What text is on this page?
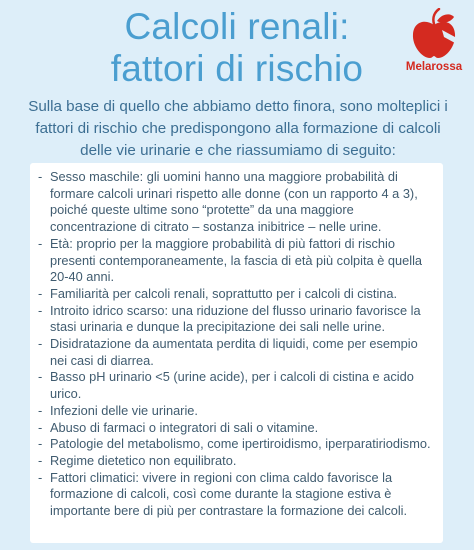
Calcoli renali:
fattori di rischio	Melarossa
Sulla base di quello che abbiamo detto finora, sono molteplici i fattori di rischio che predispongono alla formazione di calcoli delle vie urinarie e che riassumiamo di seguito:
- Sesso maschile: gli uomini hanno una maggiore probabilità di formare calcoli urinari rispetto alle donne (con un rapporto 4 a 3), poiché queste ultime sono “protette” da una maggiore concentrazione di citrato – sostanza inibitrice – nelle urine.
- Età: proprio per la maggiore probabilità di più fattori di rischio presenti contemporaneamente, la fascia di età più colpita è quella 20-40 anni.
- Familiarità per calcoli renali, soprattutto per i calcoli di cistina.
- Introito idrico scarso: una riduzione del flusso urinario favorisce la stasi urinaria e dunque la precipitazione dei sali nelle urine.
- Disidratazione da aumentata perdita di liquidi, come per esempio nei casi di diarrea.
- Basso pH urinario <5 (urine acide), per i calcoli di cistina e acido urico.
- Infezioni delle vie urinarie.
- Abuso di farmaci o integratori di sali o vitamine.
- Patologie del metabolismo, come ipertiroidismo, iperparatiriodismo.
- Regime dietetico non equilibrato.
- Fattori climatici: vivere in regioni con clima caldo favorisce la formazione di calcoli, così come durante la stagione estiva è importante bere di più per contrastare la formazione dei calcoli.
